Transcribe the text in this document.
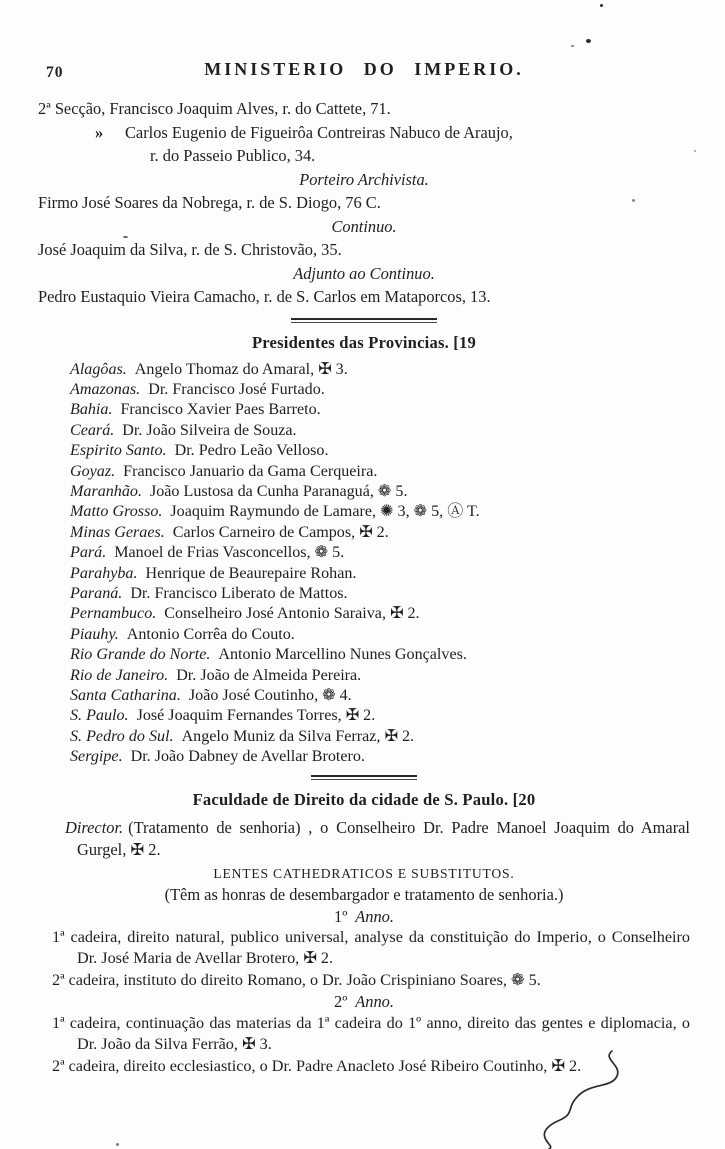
70	MINISTERIO DO IMPERIO.

2ª Secção, Francisco Joaquim Alves, r. do Cattete, 71.

» Carlos Eugenio de Figueirôa Contreiras Nabuco de Araujo,

r. do Passeio Publico, 34.

Porteiro Archivista.

Firmo José Soares da Nobrega, r. de S. Diogo, 76 C.

Continuo.

José Joaquim da Silva, r. de S. Christovão, 35.

Adjunto ao Continuo.

Pedro Eustaquio Vieira Camacho, r. de S. Carlos em Mataporcos, 13.

Presidentes das Provincias. [19
Alagôas. Angelo Thomaz do Amaral, ✠ 3.
Amazonas. Dr. Francisco José Furtado.
Bahia. Francisco Xavier Paes Barreto.
Ceará. Dr. João Silveira de Souza.
Espirito Santo. Dr. Pedro Leão Velloso.
Goyaz. Francisco Januario da Gama Cerqueira.
Maranhão. João Lustosa da Cunha Paranaguá, ❁ 5.
Matto Grosso. Joaquim Raymundo de Lamare, ✺ 3, ❁ 5, Ⓐ T.
Minas Geraes. Carlos Carneiro de Campos, ✠ 2.
Pará. Manoel de Frias Vasconcellos, ❁ 5.
Parahyba. Henrique de Beaurepaire Rohan.
Paraná. Dr. Francisco Liberato de Mattos.
Pernambuco. Conselheiro José Antonio Saraiva, ✠ 2.
Piauhy. Antonio Corrêa do Couto.
Rio Grande do Norte. Antonio Marcellino Nunes Gonçalves.
Rio de Janeiro. Dr. João de Almeida Pereira.
Santa Catharina. João José Coutinho, ❁ 4.
S. Paulo. José Joaquim Fernandes Torres, ✠ 2.
S. Pedro do Sul. Angelo Muniz da Silva Ferraz, ✠ 2.
Sergipe. Dr. João Dabney de Avellar Brotero.
Faculdade de Direito da cidade de S. Paulo. [20

Director. (Tratamento de senhoria) , o Conselheiro Dr. Padre Manoel Joaquim do Amaral Gurgel, ✠ 2.

LENTES CATHEDRATICOS E SUBSTITUTOS.

(Têm as honras de desembargador e tratamento de senhoria.)

1º Anno.

1ª cadeira, direito natural, publico universal, analyse da constituição do Imperio, o Conselheiro Dr. José Maria de Avellar Brotero, ✠ 2.

2ª cadeira, instituto do direito Romano, o Dr. João Crispiniano Soares, ❁ 5.

2º Anno.

1ª cadeira, continuação das materias da 1ª cadeira do 1º anno, direito das gentes e diplomacia, o Dr. João da Silva Ferrão, ✠ 3.

2ª cadeira, direito ecclesiastico, o Dr. Padre Anacleto José Ribeiro Coutinho, ✠ 2.
